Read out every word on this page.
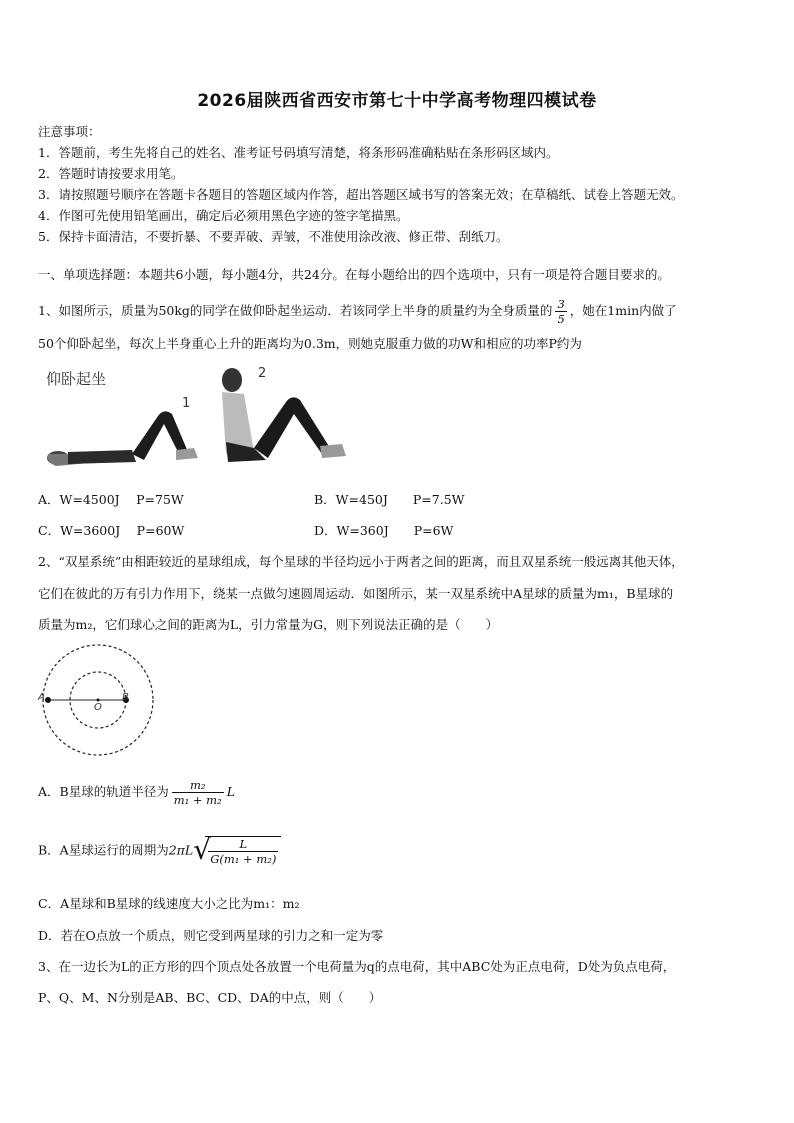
2026届陕西省西安市第七十中学高考物理四模试卷
注意事项：
1．答题前，考生先将自己的姓名、准考证号码填写清楚，将条形码准确粘贴在条形码区域内。
2．答题时请按要求用笔。
3．请按照题号顺序在答题卡各题目的答题区域内作答，超出答题区域书写的答案无效；在草稿纸、试卷上答题无效。
4．作图可先使用铅笔画出，确定后必须用黑色字迹的签字笔描黑。
5．保持卡面清洁，不要折暴、不要弄破、弄皱，不准使用涂改液、修正带、刮纸刀。
一、单项选择题：本题共6小题，每小题4分，共24分。在每小题给出的四个选项中，只有一项是符合题目要求的。
1、如图所示，质量为50kg的同学在做仰卧起坐运动．若该同学上半身的质量约为全身质量的 $\frac{3}{5}$ ，她在1min内做了
50个仰卧起坐，每次上半身重心上升的距离均为0.3m，则她克服重力做的功W和相应的功率P约为
仰卧起坐
1
2
A．W=4500J　 P=75W	B．W=450J　　P=7.5W
C．W=3600J　 P=60W	D．W=360J　　P=6W
2、“双星系统”由相距较近的星球组成，每个星球的半径均远小于两者之间的距离，而且双星系统一般远离其他天体，
它们在彼此的万有引力作用下，绕某一点做匀速圆周运动．如图所示，某一双星系统中A星球的质量为m₁，B星球的
质量为m₂，它们球心之间的距离为L，引力常量为G，则下列说法正确的是（　　）
A
O
B
A．B星球的轨道半径为 $\frac{\text{m₂}}{\text{m₁ + m₂}}$ L
B．A星球运行的周期为2πL √
$\frac{L}{\text{G(m₁ + m₂)}}$
C．A星球和B星球的线速度大小之比为m₁：m₂
D．若在O点放一个质点，则它受到两星球的引力之和一定为零
3、在一边长为L的正方形的四个顶点处各放置一个电荷量为q的点电荷，其中ABC处为正点电荷，D处为负点电荷，
P、Q、M、N分别是AB、BC、CD、DA的中点，则（　　）
